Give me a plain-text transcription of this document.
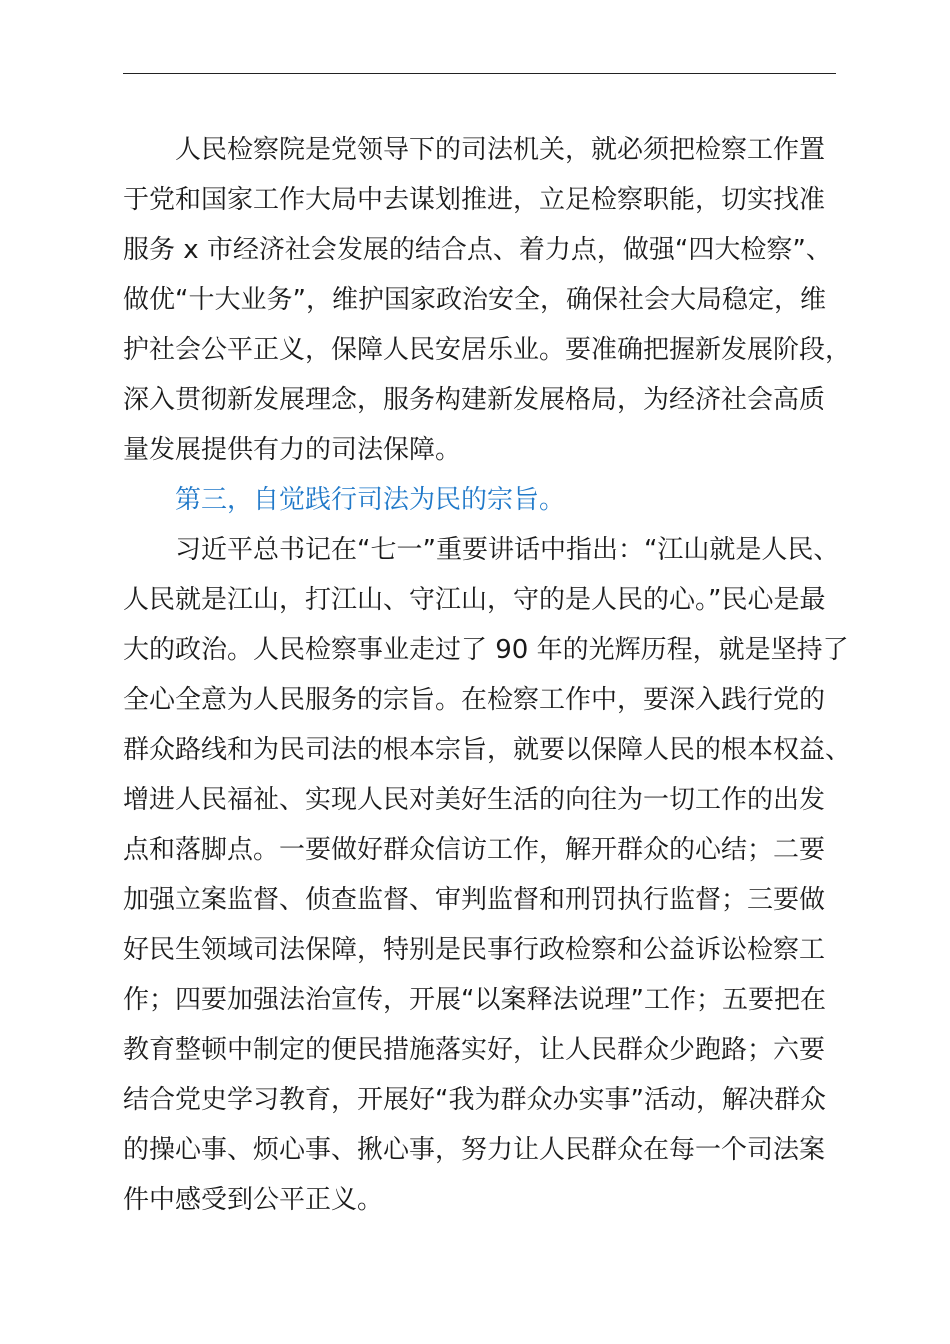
人民检察院是党领导下的司法机关，就必须把检察工作置
于党和国家工作大局中去谋划推进，立足检察职能，切实找准
服务 x 市经济社会发展的结合点、着力点，做强“四大检察”、
做优“十大业务”，维护国家政治安全，确保社会大局稳定，维
护社会公平正义，保障人民安居乐业。要准确把握新发展阶段，
深入贯彻新发展理念，服务构建新发展格局，为经济社会高质
量发展提供有力的司法保障。
第三，自觉践行司法为民的宗旨。
习近平总书记在“七一”重要讲话中指出：“江山就是人民、
人民就是江山，打江山、守江山，守的是人民的心。”民心是最
大的政治。人民检察事业走过了 90 年的光辉历程，就是坚持了
全心全意为人民服务的宗旨。在检察工作中，要深入践行党的
群众路线和为民司法的根本宗旨，就要以保障人民的根本权益、
增进人民福祉、实现人民对美好生活的向往为一切工作的出发
点和落脚点。一要做好群众信访工作，解开群众的心结；二要
加强立案监督、侦查监督、审判监督和刑罚执行监督；三要做
好民生领域司法保障，特别是民事行政检察和公益诉讼检察工
作；四要加强法治宣传，开展“以案释法说理”工作；五要把在
教育整顿中制定的便民措施落实好，让人民群众少跑路；六要
结合党史学习教育，开展好“我为群众办实事”活动，解决群众
的操心事、烦心事、揪心事，努力让人民群众在每一个司法案
件中感受到公平正义。
